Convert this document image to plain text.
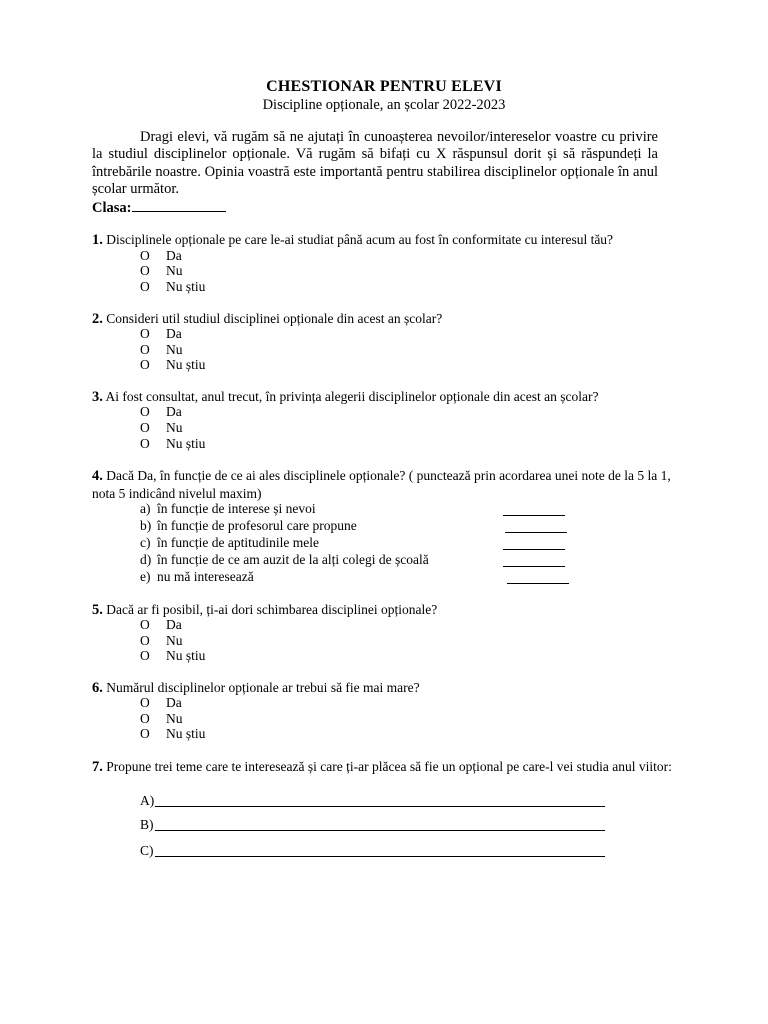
CHESTIONAR PENTRU ELEVI
Discipline opționale, an școlar 2022-2023

Dragi elevi, vă rugăm să ne ajutați în cunoașterea nevoilor/intereselor voastre cu privire la studiul disciplinelor opționale. Vă rugăm să bifați cu X răspunsul dorit și să răspundeți la întrebările noastre. Opinia voastră este importantă pentru stabilirea disciplinelor opționale în anul școlar următor.

Clasa:
1. Disciplinele opționale pe care le-ai studiat până acum au fost în conformitate cu interesul tău?
O Da
O Nu
O Nu știu
2. Consideri util studiul disciplinei opționale din acest an școlar?
O Da
O Nu
O Nu știu
3. Ai fost consultat, anul trecut, în privința alegerii disciplinelor opționale din acest an școlar?
O Da
O Nu
O Nu știu
4. Dacă Da, în funcție de ce ai ales disciplinele opționale? ( punctează prin acordarea unei note de la 5 la 1, nota 5 indicând nivelul maxim)
a) în funcție de interese și nevoi
b) în funcție de profesorul care propune
c) în funcție de aptitudinile mele
d) în funcție de ce am auzit de la alți colegi de școală
e) nu mă interesează
5. Dacă ar fi posibil, ți-ai dori schimbarea disciplinei opționale?
O Da
O Nu
O Nu știu
6. Numărul disciplinelor opționale ar trebui să fie mai mare?
O Da
O Nu
O Nu știu
7. Propune trei teme care te interesează și care ți-ar plăcea să fie un opțional pe care-l vei studia anul viitor:
A)
B)
C)
